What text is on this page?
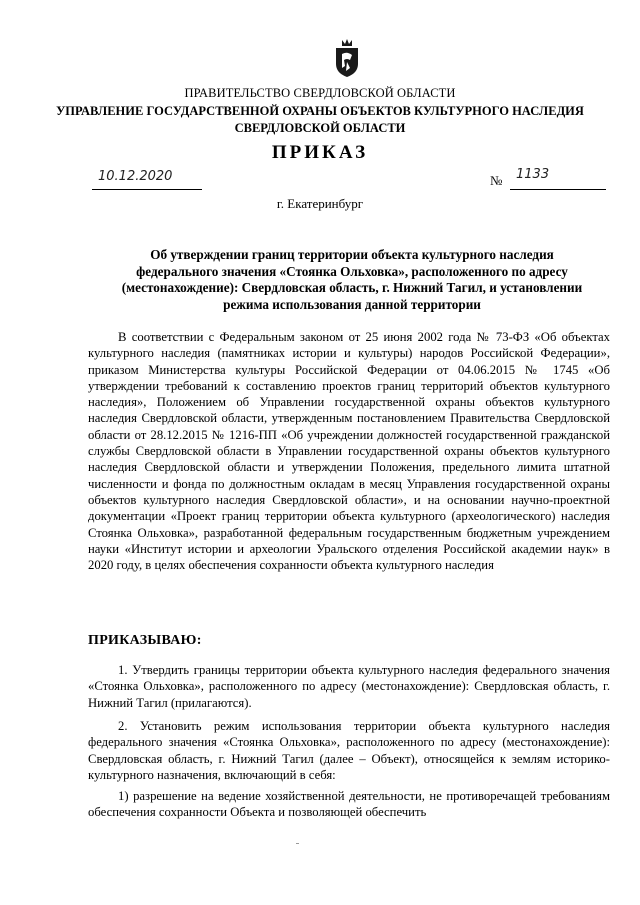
ПРАВИТЕЛЬСТВО СВЕРДЛОВСКОЙ ОБЛАСТИ
УПРАВЛЕНИЕ ГОСУДАРСТВЕННОЙ ОХРАНЫ ОБЪЕКТОВ КУЛЬТУРНОГО НАСЛЕДИЯ
СВЕРДЛОВСКОЙ ОБЛАСТИ
ПРИКАЗ
10.12.2020	№ 1133
г. Екатеринбург
Об утверждении границ территории объекта культурного наследия
федерального значения «Стоянка Ольховка», расположенного по адресу
(местонахождение): Свердловская область, г. Нижний Тагил, и установлении
режима использования данной территории

В соответствии с Федеральным законом от 25 июня 2002 года № 73-ФЗ «Об объектах культурного наследия (памятниках истории и культуры) народов Российской Федерации», приказом Министерства культуры Российской Федерации от 04.06.2015 № 1745 «Об утверждении требований к составлению проектов границ территорий объектов культурного наследия», Положением об Управлении государственной охраны объектов культурного наследия Свердловской области, утвержденным постановлением Правительства Свердловской области от 28.12.2015 № 1216-ПП «Об учреждении должностей государственной гражданской службы Свердловской области в Управлении государственной охраны объектов культурного наследия Свердловской области и утверждении Положения, предельного лимита штатной численности и фонда по должностным окладам в месяц Управления государственной охраны объектов культурного наследия Свердловской области», и на основании научно-проектной документации «Проект границ территории объекта культурного (археологического) наследия Стоянка Ольховка», разработанной федеральным государственным бюджетным учреждением науки «Институт истории и археологии Уральского отделения Российской академии наук» в 2020 году, в целях обеспечения сохранности объекта культурного наследия

ПРИКАЗЫВАЮ:

1. Утвердить границы территории объекта культурного наследия федерального значения «Стоянка Ольховка», расположенного по адресу (местонахождение): Свердловская область, г. Нижний Тагил (прилагаются).

2. Установить режим использования территории объекта культурного наследия федерального значения «Стоянка Ольховка», расположенного по адресу (местонахождение): Свердловская область, г. Нижний Тагил (далее – Объект), относящейся к землям историко-культурного назначения, включающий в себя:

1) разрешение на ведение хозяйственной деятельности, не противоречащей требованиям обеспечения сохранности Объекта и позволяющей обеспечить
